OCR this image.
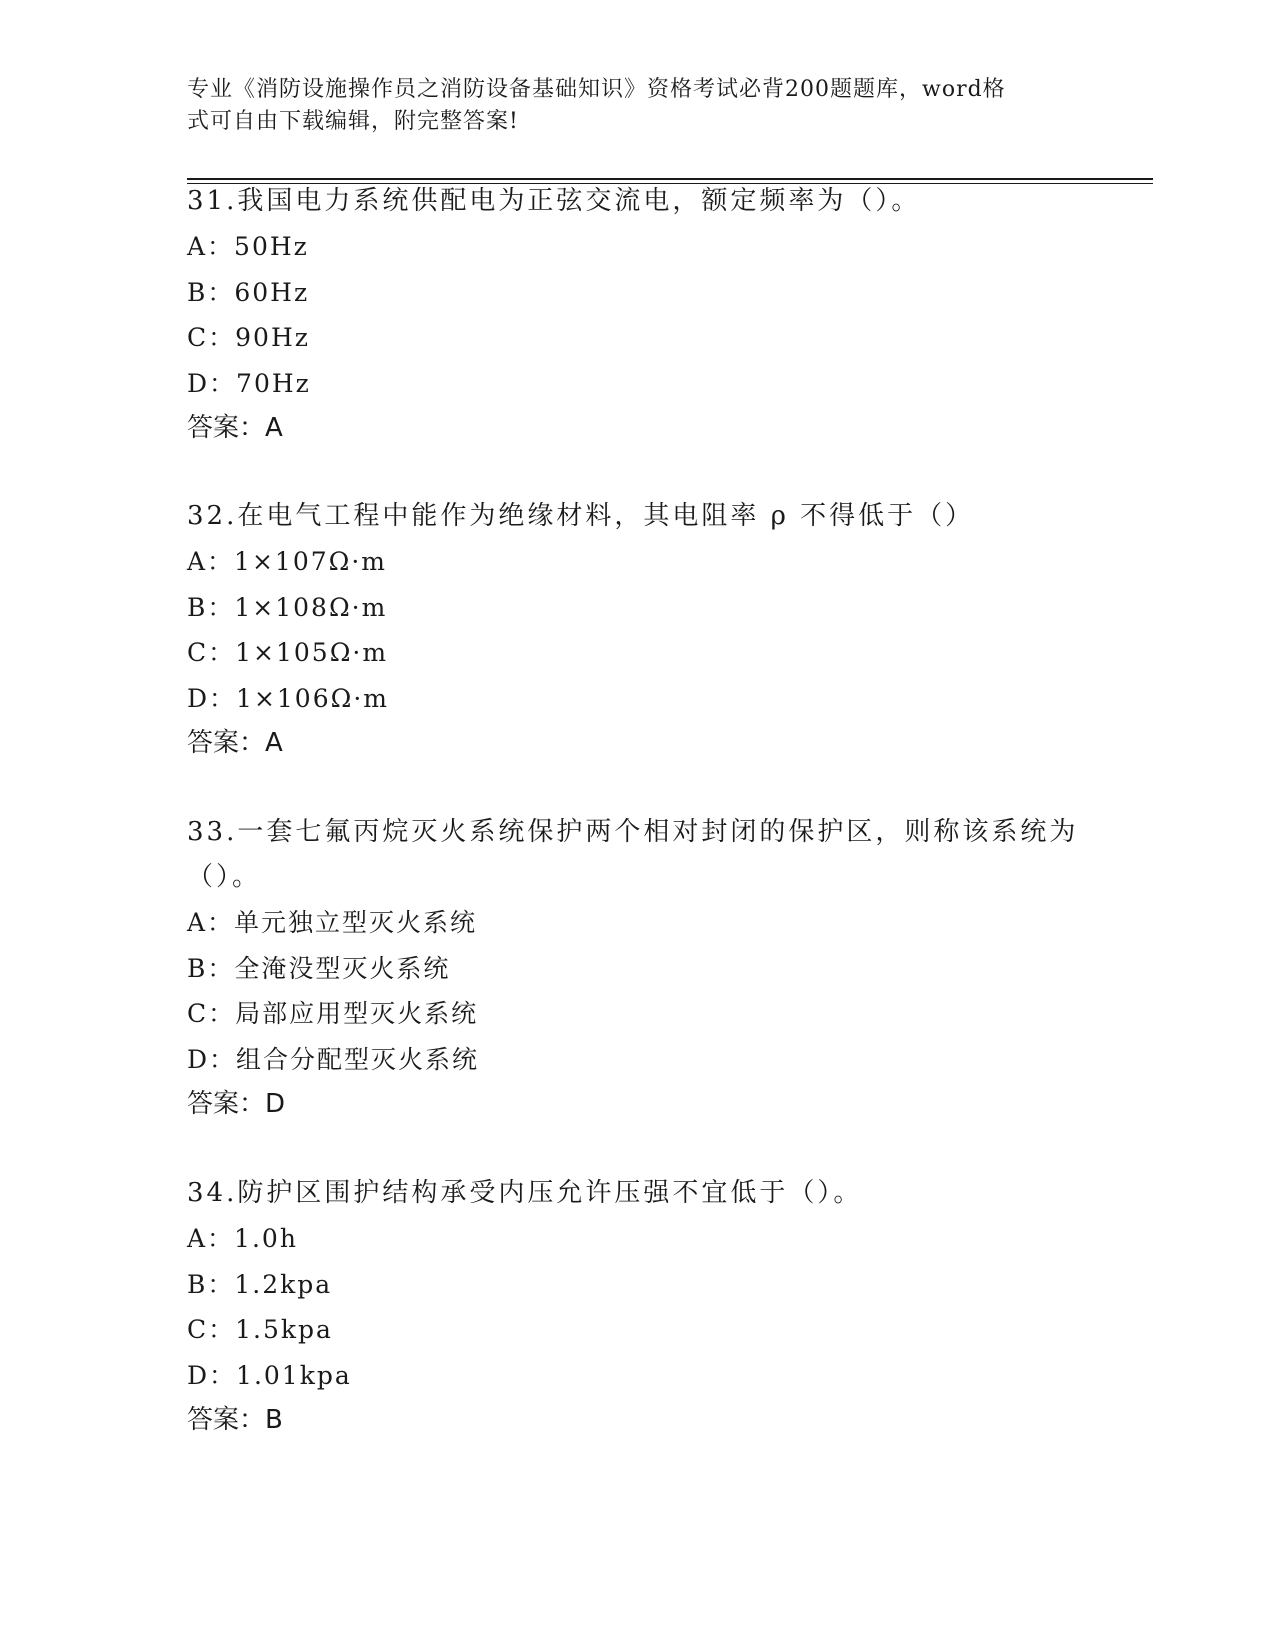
专业《消防设施操作员之消防设备基础知识》资格考试必背200题题库，word格
式可自由下载编辑，附完整答案!

31.我国电力系统供配电为正弦交流电，额定频率为（）。

A：50Hz

B：60Hz

C：90Hz

D：70Hz

答案：A

32.在电气工程中能作为绝缘材料，其电阻率 ρ 不得低于（）

A：1×107Ω·m

B：1×108Ω·m

C：1×105Ω·m

D：1×106Ω·m

答案：A

33.一套七氟丙烷灭火系统保护两个相对封闭的保护区，则称该系统为

（）。

A：单元独立型灭火系统

B：全淹没型灭火系统

C：局部应用型灭火系统

D：组合分配型灭火系统

答案：D

34.防护区围护结构承受内压允许压强不宜低于（）。

A：1.0h

B：1.2kpa

C：1.5kpa

D：1.01kpa

答案：B
